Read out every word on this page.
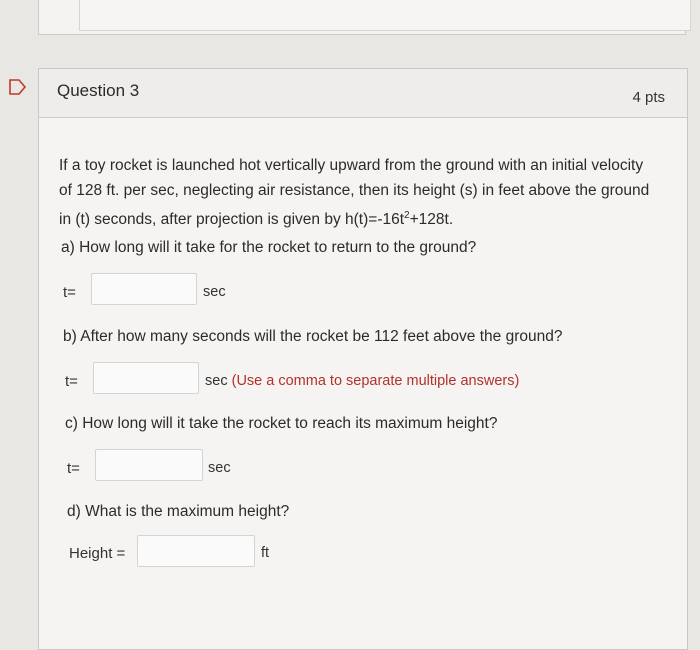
Question 3	4 pts
If a toy rocket is launched hot vertically upward from the ground with an initial velocity of 128 ft. per sec, neglecting air resistance, then its height (s) in feet above the ground in (t) seconds, after projection is given by $h(t)=-16t^2+128t$.
a) How long will it take for the rocket to return to the ground?
t=	sec
b) After how many seconds will the rocket be 112 feet above the ground?
t=	sec (Use a comma to separate multiple answers)
c) How long will it take the rocket to reach its maximum height?
t=	sec
d) What is the maximum height?
Height =	ft
